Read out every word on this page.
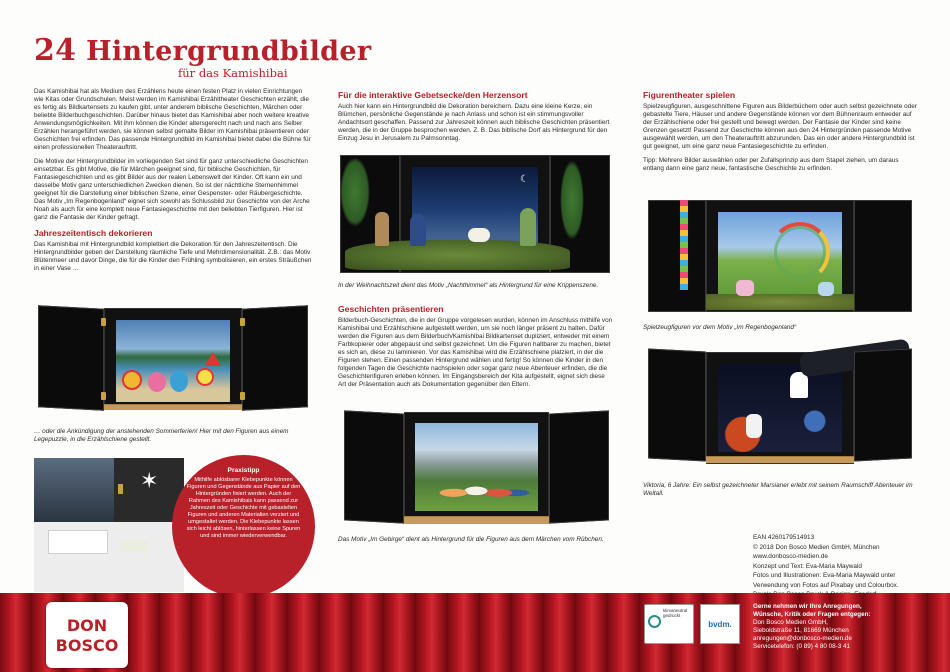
24 Hintergrundbilder
für das Kamishibai

Das Kamishibai hat als Medium des Erzählens heute einen festen Platz in vielen Einrichtungen wie Kitas oder Grundschulen. Meist werden im Kamishibai Erzähltheater Geschichten erzählt, die es fertig als Bildkartensets zu kaufen gibt, unter anderem biblische Geschichten, Märchen oder beliebte Bilderbuchgeschichten. Darüber hinaus bietet das Kamishibai aber noch weitere kreative Anwendungsmöglichkeiten. Mit ihm können die Kinder altersgerecht nach und nach ans Selber Erzählen herangeführt werden, sie können selbst gemalte Bilder im Kamishibai präsentieren oder Geschichten frei erfinden. Das passende Hintergrundbild im Kamishibai bietet dabei die Bühne für einen professionellen Theaterauftritt.

Die Motive der Hintergrundbilder im vorliegenden Set sind für ganz unterschiedliche Geschichten einsetzbar. Es gibt Motive, die für Märchen geeignet sind, für biblische Geschichten, für Fantasiegeschichten und es gibt Bilder aus der realen Lebenswelt der Kinder. Oft kann ein und dasselbe Motiv ganz unterschiedlichen Zwecken dienen. So ist der nächtliche Sternenhimmel geeignet für die Darstellung einer biblischen Szene, einer Gespenster- oder Räubergeschichte. Das Motiv „Im Regenbogenland“ eignet sich sowohl als Schlussbild zur Geschichte von der Arche Noah als auch für eine komplett neue Fantasiegeschichte mit den beliebten Tierfiguren. Hier ist ganz die Fantasie der Kinder gefragt.

Jahreszeitentisch dekorieren

Das Kamishibai mit Hintergrundbild komplettiert die Dekoration für den Jahreszeitentisch. Die Hintergrundbilder geben der Darstellung räumliche Tiefe und Mehrdimensionalität. Z.B.: das Motiv Blütenmeer und davor Dinge, die für die Kinder den Frühling symbolisieren, ein erstes Sträußchen in einer Vase …

… oder die Ankündigung der anstehenden Sommerferien! Hier mit den Figuren aus einem Legepuzzle, in die Erzählschiene gestellt.
✶	Praxistipp
Mithilfe ablösbarer Klebepunkte können Figuren und Gegenstände aus Papier auf den Hintergründen fixiert werden. Auch der Rahmen des Kamishibais kann passend zur Jahreszeit oder Geschichte mit gebastelten Figuren und anderen Materialien verziert und umgestaltet werden. Die Klebepunkte lassen sich leicht ablösen, hinterlassen keine Spuren und sind immer wiederverwendbar.
Für die interaktive Gebetsecke/den Herzensort

Auch hier kann ein Hintergrundbild die Dekoration bereichern. Dazu eine kleine Kerze, ein Blümchen, persönliche Gegenstände je nach Anlass und schon ist ein stimmungsvoller Andachtsort geschaffen. Passend zur Jahreszeit können auch biblische Geschichten präsentiert werden, die in der Gruppe besprochen werden. Z. B. Das biblische Dorf als Hintergrund für den Einzug Jesu in Jerusalem zu Palmsonntag.

☾
In der Weihnachtszeit dient das Motiv „Nachthimmel“ als Hintergrund für eine Krippenszene.
Geschichten präsentieren

Bilderbuch-Geschichten, die in der Gruppe vorgelesen wurden, können im Anschluss mithilfe von Kamishibai und Erzählschiene aufgestellt werden, um sie noch länger präsent zu halten. Dafür werden die Figuren aus dem Bilderbuch/Kamishibai Bildkartenset dupliziert, entweder mit einem Farbkopierer oder abgepaust und selbst gezeichnet. Um die Figuren haltbarer zu machen, bietet es sich an, diese zu laminieren. Vor das Kamishibai wird die Erzählschiene platziert, in der die Figuren stehen. Einen passenden Hintergrund wählen und fertig! So können die Kinder in den folgenden Tagen die Geschichte nachspielen oder sogar ganz neue Abenteuer erfinden, die die Geschichtenfiguren erleben können. Im Eingangsbereich der Kita aufgestellt, eignet sich diese Art der Präsentation auch als Dokumentation gegenüber den Eltern.

Das Motiv „Im Gebirge“ dient als Hintergrund für die Figuren aus dem Märchen vom Rübchen.
Figurentheater spielen

Spielzeugfiguren, ausgeschnittene Figuren aus Bilderbüchern oder auch selbst gezeichnete oder gebastelte Tiere, Häuser und andere Gegenstände können vor dem Bühnenraum entweder auf der Erzählschiene oder frei gestellt und bewegt werden. Der Fantasie der Kinder sind keine Grenzen gesetzt! Passend zur Geschichte können aus den 24 Hintergründen passende Motive ausgewählt werden, um den Theaterauftritt abzurunden. Das ein oder andere Hintergrundbild ist gut geeignet, um eine ganz neue Fantasiegeschichte zu erfinden.

Tipp: Mehrere Bilder auswählen oder per Zufallsprinzip aus dem Stapel ziehen, um daraus entlang dann eine ganz neue, fantastische Geschichte zu erfinden.

Spielzeugfiguren vor dem Motiv „Im Regenbogenland“
Viktoria, 6 Jahre: Ein selbst gezeichneter Marsianer erlebt mit seinem Raumschiff Abenteuer im Weltall.
EAN 4260179514913
© 2018 Don Bosco Medien GmbH, München
www.donbosco-medien.de
Konzept und Text: Eva-Maria Maywald
Fotos und Illustrationen: Eva-Maria Maywald unter
Verwendung von Fotos auf Pixabay und Colourbox.
DON
BOSCO
klimaneutral gedruckt
bvdm.
Gerne nehmen wir Ihre Anregungen,
Wünsche, Kritik oder Fragen entgegen:
Don Bosco Medien GmbH,
Sieboldstraße 11, 81669 München
anregungen@donbosco-medien.de
Servicetelefon: (0 89) 4 80 08-3 41
